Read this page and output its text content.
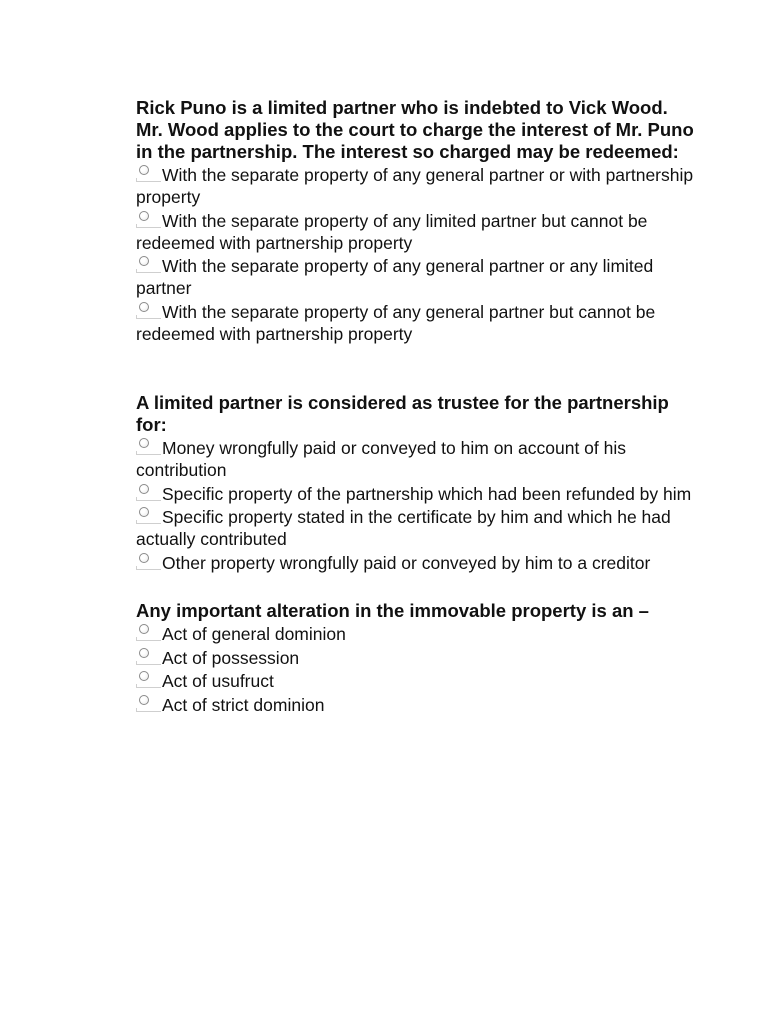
Rick Puno is a limited partner who is indebted to Vick Wood. Mr. Wood applies to the court to charge the interest of Mr. Puno in the partnership. The interest so charged may be redeemed:

With the separate property of any general partner or with partnership property
With the separate property of any limited partner but cannot be redeemed with partnership property
With the separate property of any general partner or any limited partner
With the separate property of any general partner but cannot be redeemed with partnership property

A limited partner is considered as trustee for the partnership for:

Money wrongfully paid or conveyed to him on account of his contribution
Specific property of the partnership which had been refunded by him
Specific property stated in the certificate by him and which he had actually contributed
Other property wrongfully paid or conveyed by him to a creditor

Any important alteration in the immovable property is an –

Act of general dominion
Act of possession
Act of usufruct
Act of strict dominion
